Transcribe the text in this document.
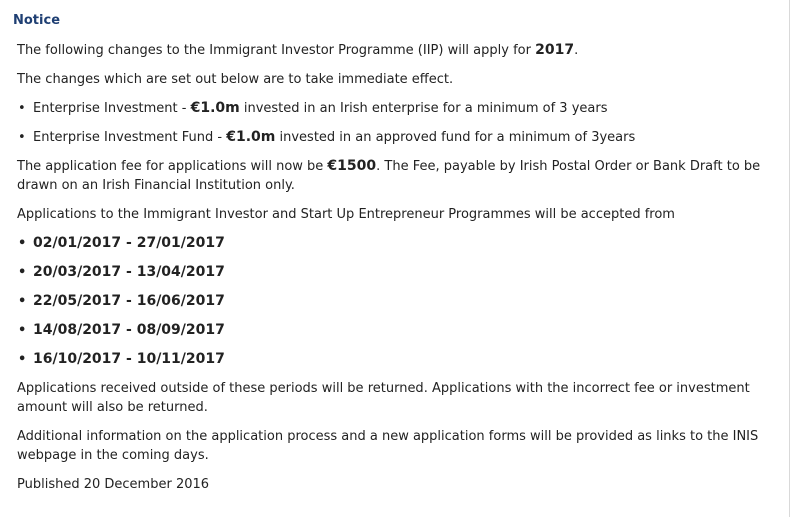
Notice

The following changes to the Immigrant Investor Programme (IIP) will apply for 2017.

The changes which are set out below are to take immediate effect.

• Enterprise Investment - €1.0m invested in an Irish enterprise for a minimum of 3 years
• Enterprise Investment Fund - €1.0m invested in an approved fund for a minimum of 3years

The application fee for applications will now be €1500. The Fee, payable by Irish Postal Order or Bank Draft to be drawn on an Irish Financial Institution only.

Applications to the Immigrant Investor and Start Up Entrepreneur Programmes will be accepted from

• 02/01/2017 - 27/01/2017
• 20/03/2017 - 13/04/2017
• 22/05/2017 - 16/06/2017
• 14/08/2017 - 08/09/2017
• 16/10/2017 - 10/11/2017

Applications received outside of these periods will be returned. Applications with the incorrect fee or investment amount will also be returned.

Additional information on the application process and a new application forms will be provided as links to the INIS webpage in the coming days.

Published 20 December 2016
